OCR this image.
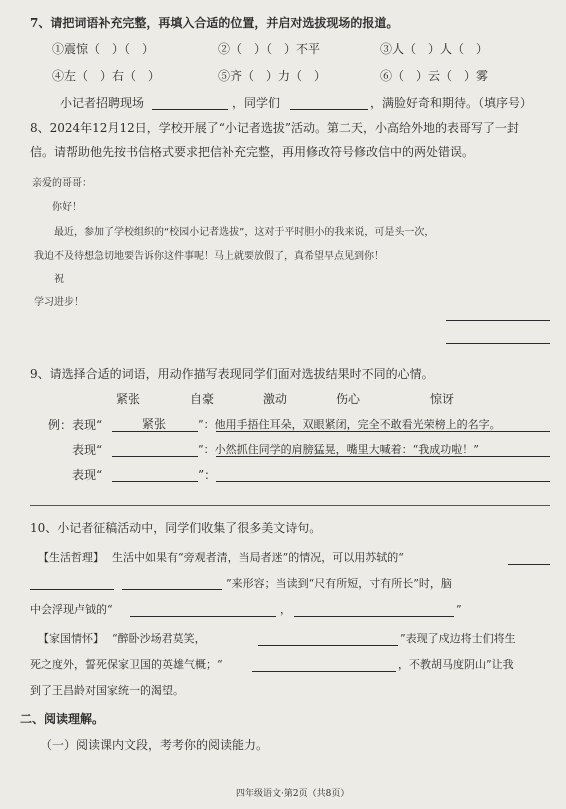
7、请把词语补充完整，再填入合适的位置，并启对选拔现场的报道。
①震惊（　）（　）	②（　）（　）不平	③人（　）人（　）
④左（　）右（　）	⑤齐（　）力（　）	⑥（　）云（　）雾
小记者招聘现场	，同学们	，满脸好奇和期待。（填序号）
8、2024年12月12日，学校开展了“小记者选拔”活动。第二天，小高给外地的表哥写了一封
信。请帮助他先按书信格式要求把信补充完整，再用修改符号修改信中的两处错误。
亲爱的哥哥：
你好！
最近，参加了学校组织的“校园小记者选拔”，这对于平时胆小的我来说，可是头一次，
我迫不及待想急切地要告诉你这件事呢！马上就要放假了，真希望早点见到你！
祝
学习进步！
9、请选择合适的词语，用动作描写表现同学们面对选拔结果时不同的心情。
紧张	自豪	激动	伤心	惊讶
例：表现“	紧张	”：他用手捂住耳朵，双眼紧闭，完全不敢看光荣榜上的名字。
表现“	”：小然抓住同学的肩膀猛晃，嘴里大喊着：“我成功啦！”
表现“	”：
10、小记者征稿活动中，同学们收集了很多美文诗句。
【生活哲理】 生活中如果有“旁观者清，当局者迷”的情况，可以用苏轼的“
”来形容；当读到“尺有所短，寸有所长”时，脑
中会浮现卢钺的“	，	”
【家国情怀】 “醉卧沙场君莫笑，	”表现了戍边将士们将生
死之度外，誓死保家卫国的英雄气概；“	，不教胡马度阴山”让我
到了王昌龄对国家统一的渴望。
二、阅读理解。
（一）阅读课内文段，考考你的阅读能力。
四年级语文·第2页（共8页）
